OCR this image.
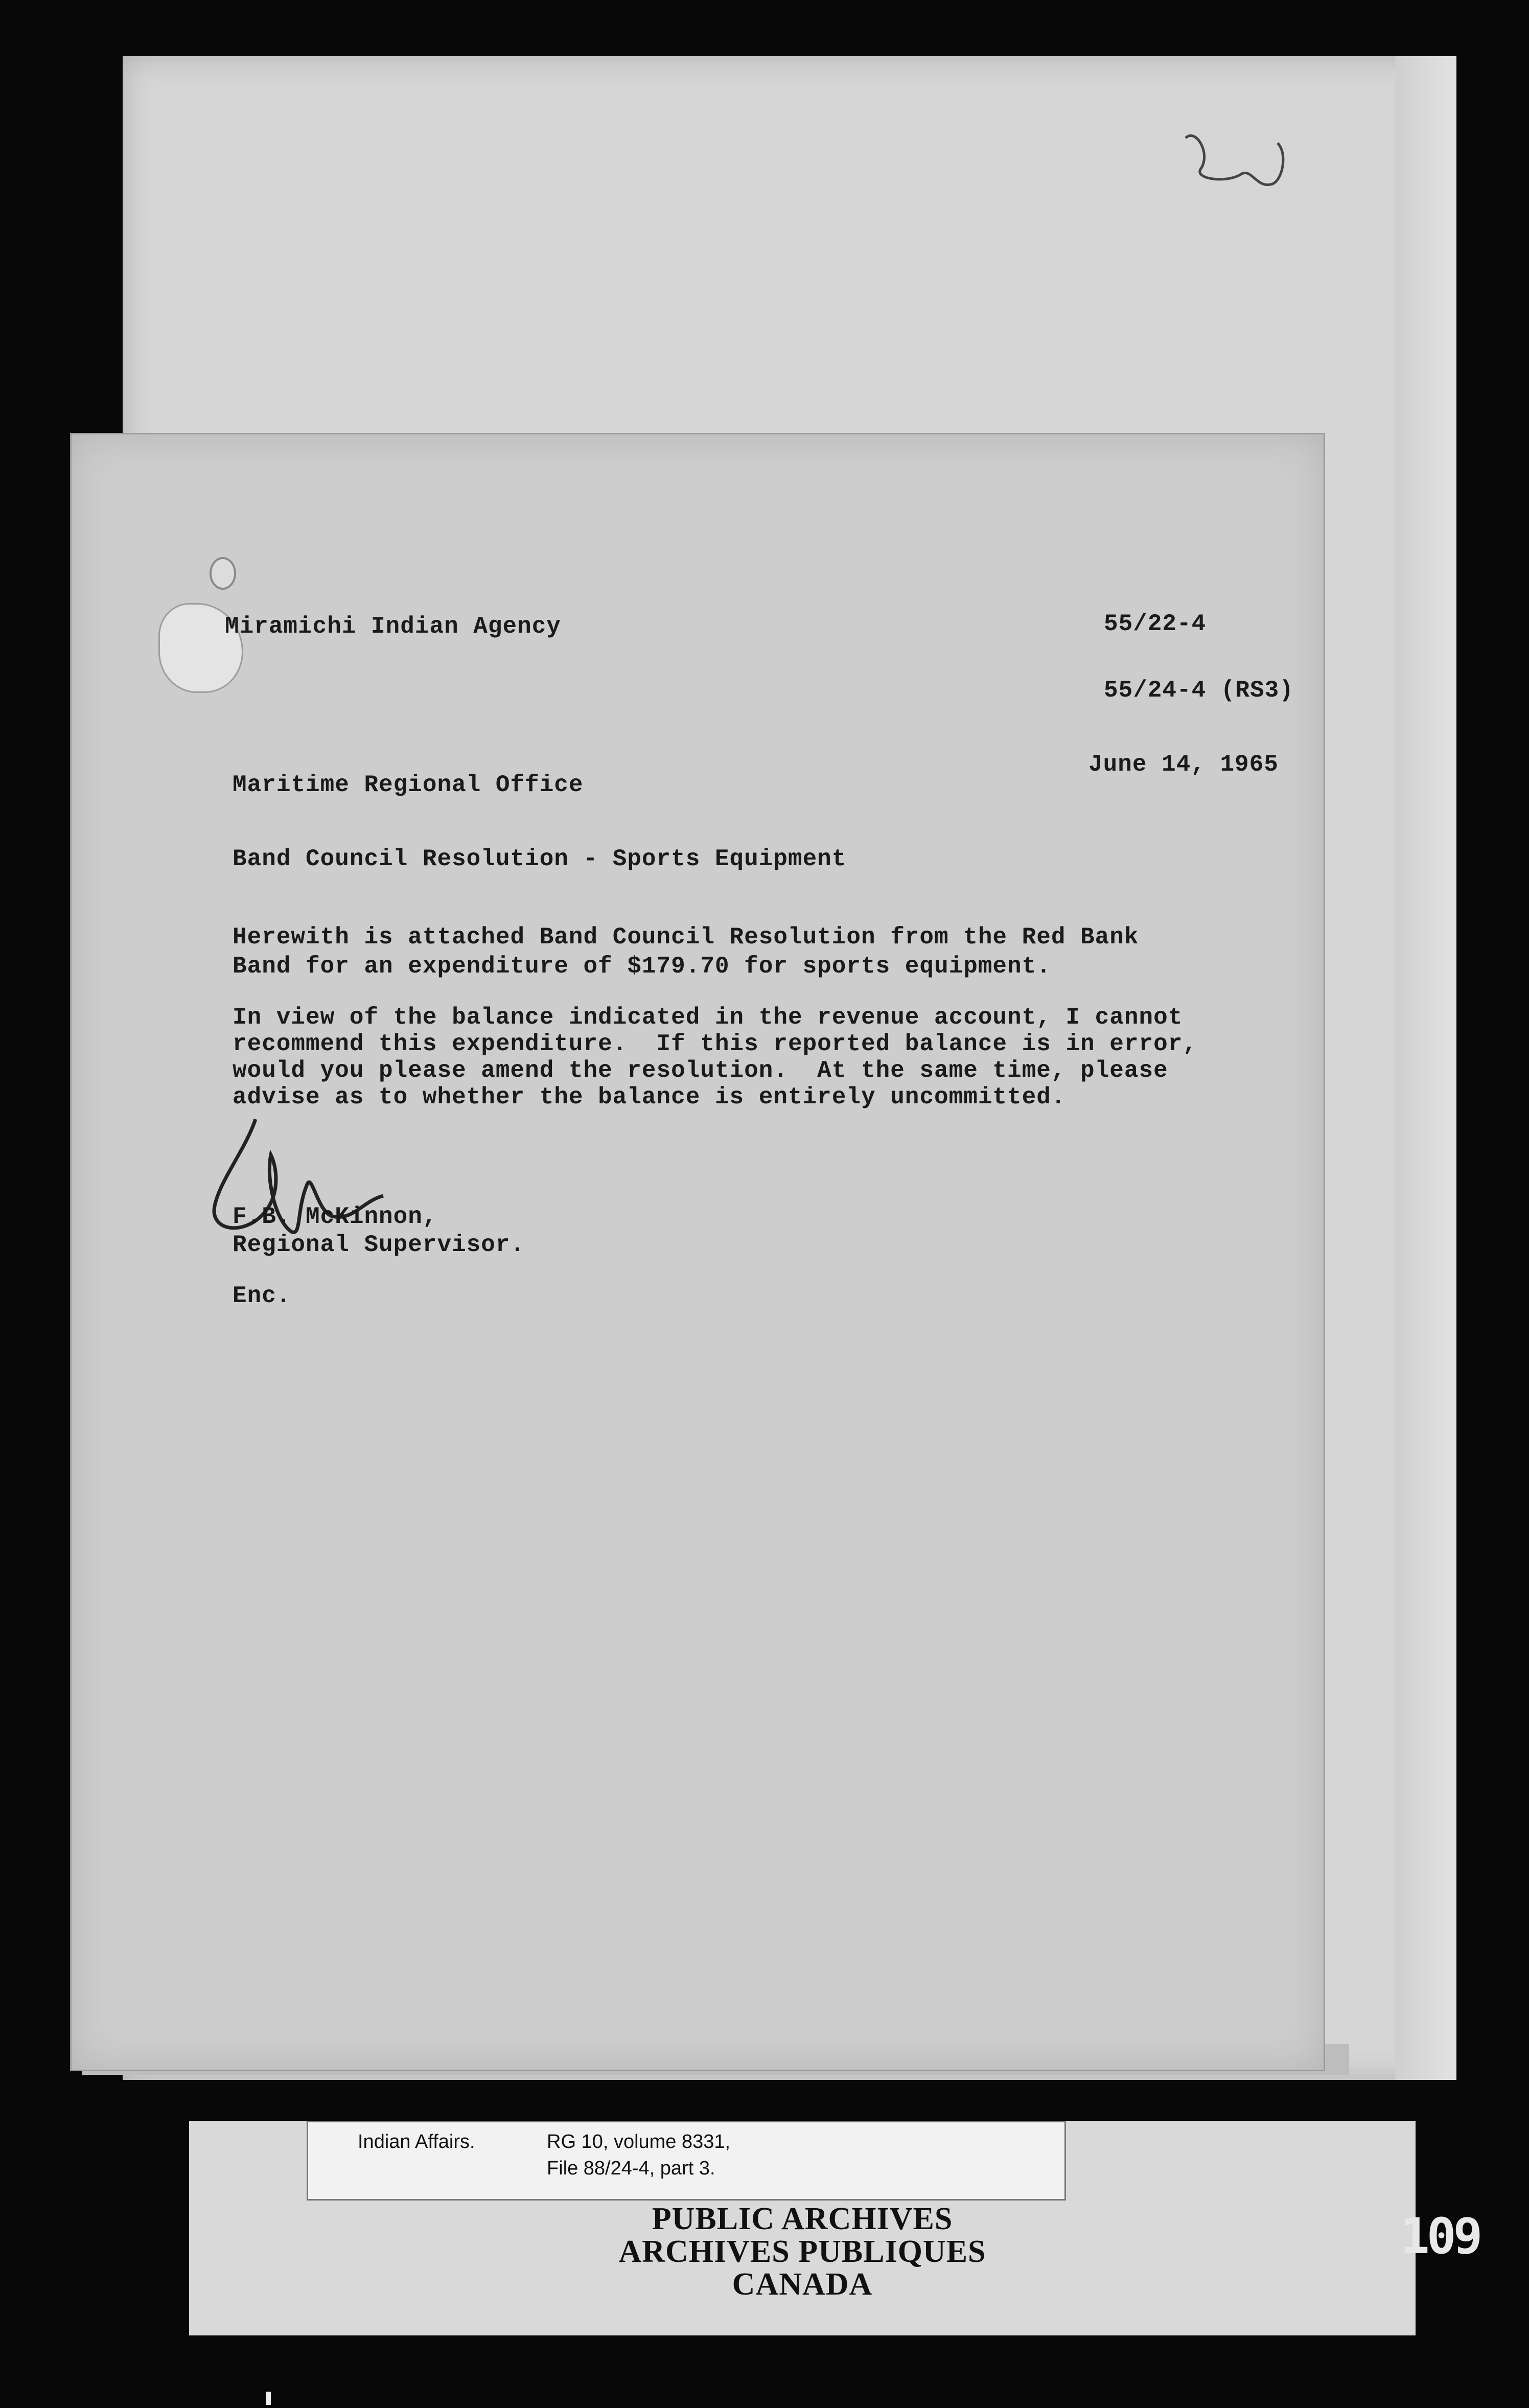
Miramichi Indian Agency	55/22-4
55/24-4 (RS3)
June 14, 1965
Maritime Regional Office
Band Council Resolution - Sports Equipment
Herewith is attached Band Council Resolution from the Red Bank
Band for an expenditure of $179.70 for sports equipment.
In view of the balance indicated in the revenue account, I cannot
recommend this expenditure.  If this reported balance is in error,
would you please amend the resolution.  At the same time, please
advise as to whether the balance is entirely uncommitted.
F.B. McKinnon,
Regional Supervisor.
Enc.
Indian Affairs.	RG 10, volume 8331,
File 88/24-4, part 3.
PUBLIC ARCHIVES
ARCHIVES PUBLIQUES
CANADA
109
